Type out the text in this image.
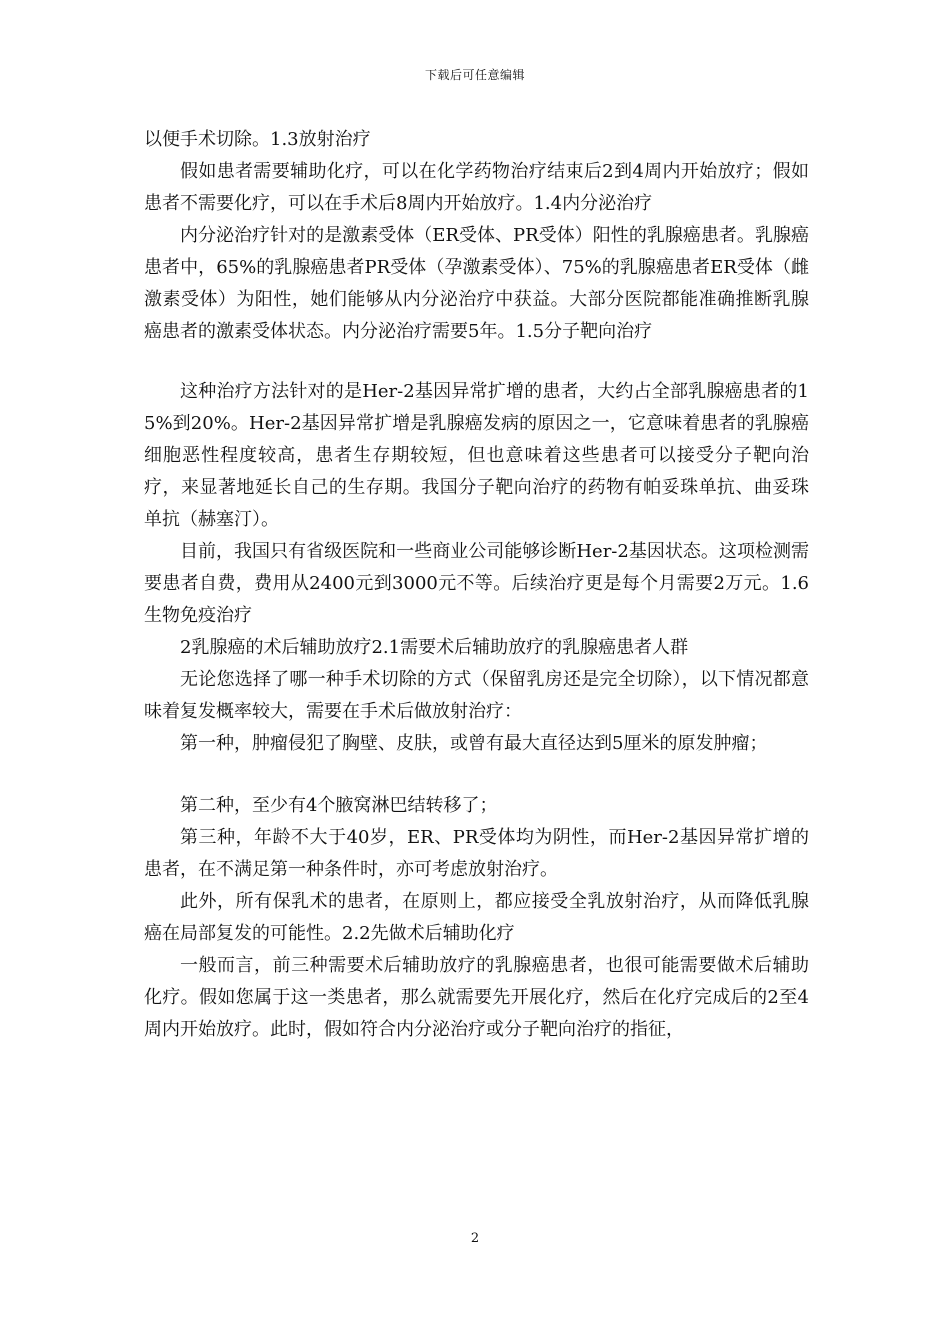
下载后可任意编辑

以便手术切除。1.3放射治疗

假如患者需要辅助化疗，可以在化学药物治疗结束后2到4周内开始放疗；假如患者不需要化疗，可以在手术后8周内开始放疗。1.4内分泌治疗

内分泌治疗针对的是激素受体（ER受体、PR受体）阳性的乳腺癌患者。乳腺癌患者中，65%的乳腺癌患者PR受体（孕激素受体）、75%的乳腺癌患者ER受体（雌激素受体）为阳性，她们能够从内分泌治疗中获益。大部分医院都能准确推断乳腺癌患者的激素受体状态。内分泌治疗需要5年。1.5分子靶向治疗

这种治疗方法针对的是Her-2基因异常扩增的患者，大约占全部乳腺癌患者的15%到20%。Her-2基因异常扩增是乳腺癌发病的原因之一，它意味着患者的乳腺癌细胞恶性程度较高，患者生存期较短，但也意味着这些患者可以接受分子靶向治疗，来显著地延长自己的生存期。我国分子靶向治疗的药物有帕妥珠单抗、曲妥珠单抗（赫塞汀）。

目前，我国只有省级医院和一些商业公司能够诊断Her-2基因状态。这项检测需要患者自费，费用从2400元到3000元不等。后续治疗更是每个月需要2万元。1.6生物免疫治疗

2乳腺癌的术后辅助放疗2.1需要术后辅助放疗的乳腺癌患者人群

无论您选择了哪一种手术切除的方式（保留乳房还是完全切除），以下情况都意味着复发概率较大，需要在手术后做放射治疗：

第一种，肿瘤侵犯了胸壁、皮肤，或曾有最大直径达到5厘米的原发肿瘤；

第二种，至少有4个腋窝淋巴结转移了；

第三种，年龄不大于40岁，ER、PR受体均为阴性，而Her-2基因异常扩增的患者，在不满足第一种条件时，亦可考虑放射治疗。

此外，所有保乳术的患者，在原则上，都应接受全乳放射治疗，从而降低乳腺癌在局部复发的可能性。2.2先做术后辅助化疗

一般而言，前三种需要术后辅助放疗的乳腺癌患者，也很可能需要做术后辅助化疗。假如您属于这一类患者，那么就需要先开展化疗，然后在化疗完成后的2至4周内开始放疗。此时，假如符合内分泌治疗或分子靶向治疗的指征，

2
